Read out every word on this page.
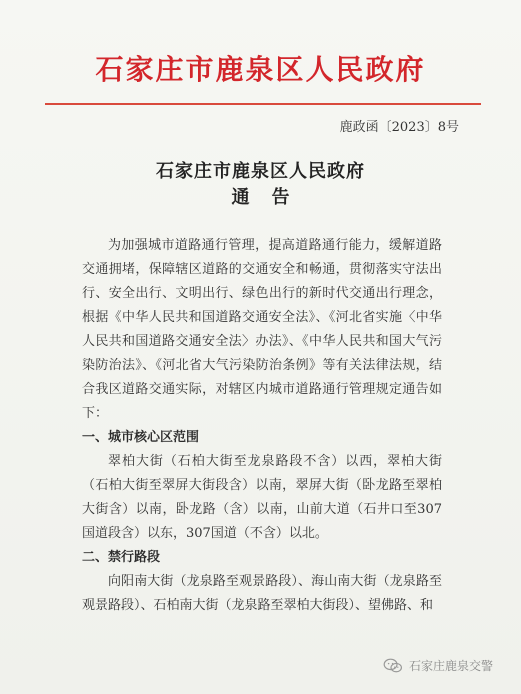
石家庄市鹿泉区人民政府
鹿政函〔2023〕8号
石家庄市鹿泉区人民政府
通告
为加强城市道路通行管理，提高道路通行能力，缓解道路交通拥堵，保障辖区道路的交通安全和畅通，贯彻落实守法出行、安全出行、文明出行、绿色出行的新时代交通出行理念，根据《中华人民共和国道路交通安全法》、《河北省实施〈中华人民共和国道路交通安全法〉办法》、《中华人民共和国大气污染防治法》、《河北省大气污染防治条例》等有关法律法规，结合我区道路交通实际，对辖区内城市道路通行管理规定通告如下：
一、城市核心区范围
翠柏大街（石柏大街至龙泉路段不含）以西，翠柏大街（石柏大街至翠屏大街段含）以南，翠屏大街（卧龙路至翠柏大街含）以南，卧龙路（含）以南，山前大道（石井口至307国道段含）以东，307国道（不含）以北。
二、禁行路段
向阳南大街（龙泉路至观景路段）、海山南大街（龙泉路至观景路段）、石柏南大街（龙泉路至翠柏大街段）、望佛路、和
石家庄鹿泉交警
